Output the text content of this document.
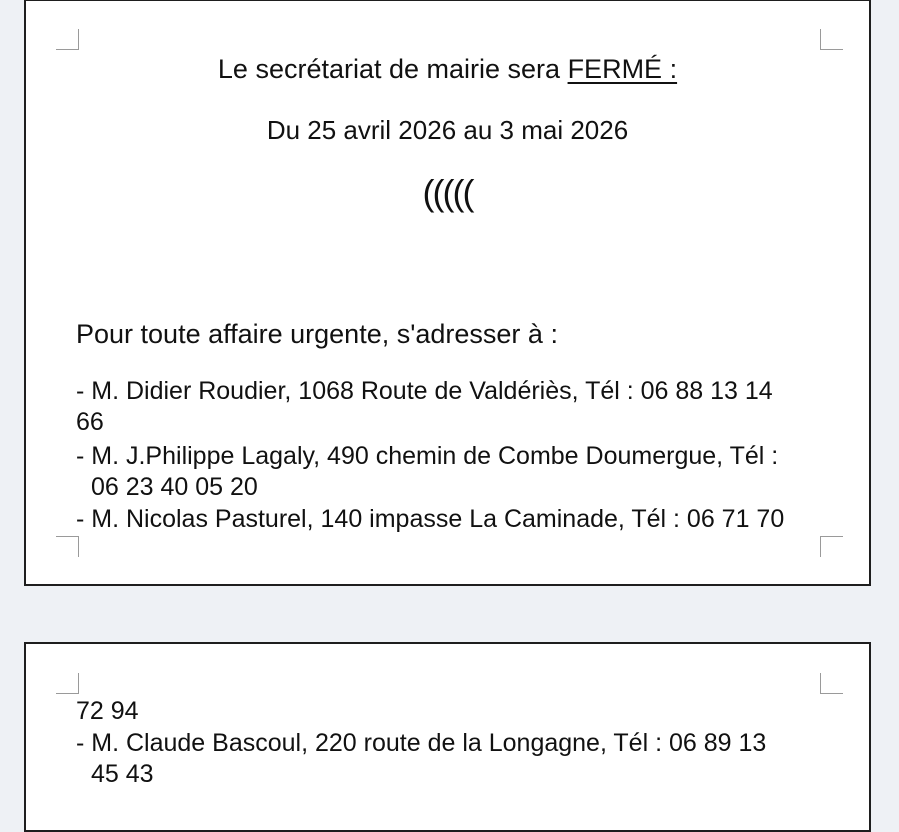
Le secrétariat de mairie sera FERMÉ :
Du 25 avril 2026 au 3 mai 2026
(((((
Pour toute affaire urgente, s'adresser à :
- M. Didier Roudier, 1068 Route de Valdériès, Tél : 06 88 13 14
66
- M. J.Philippe Lagaly, 490 chemin de Combe Doumergue, Tél :
06 23 40 05 20
- M. Nicolas Pasturel, 140 impasse La Caminade, Tél : 06 71 70
72 94
- M. Claude Bascoul, 220 route de la Longagne, Tél : 06 89 13
45 43
